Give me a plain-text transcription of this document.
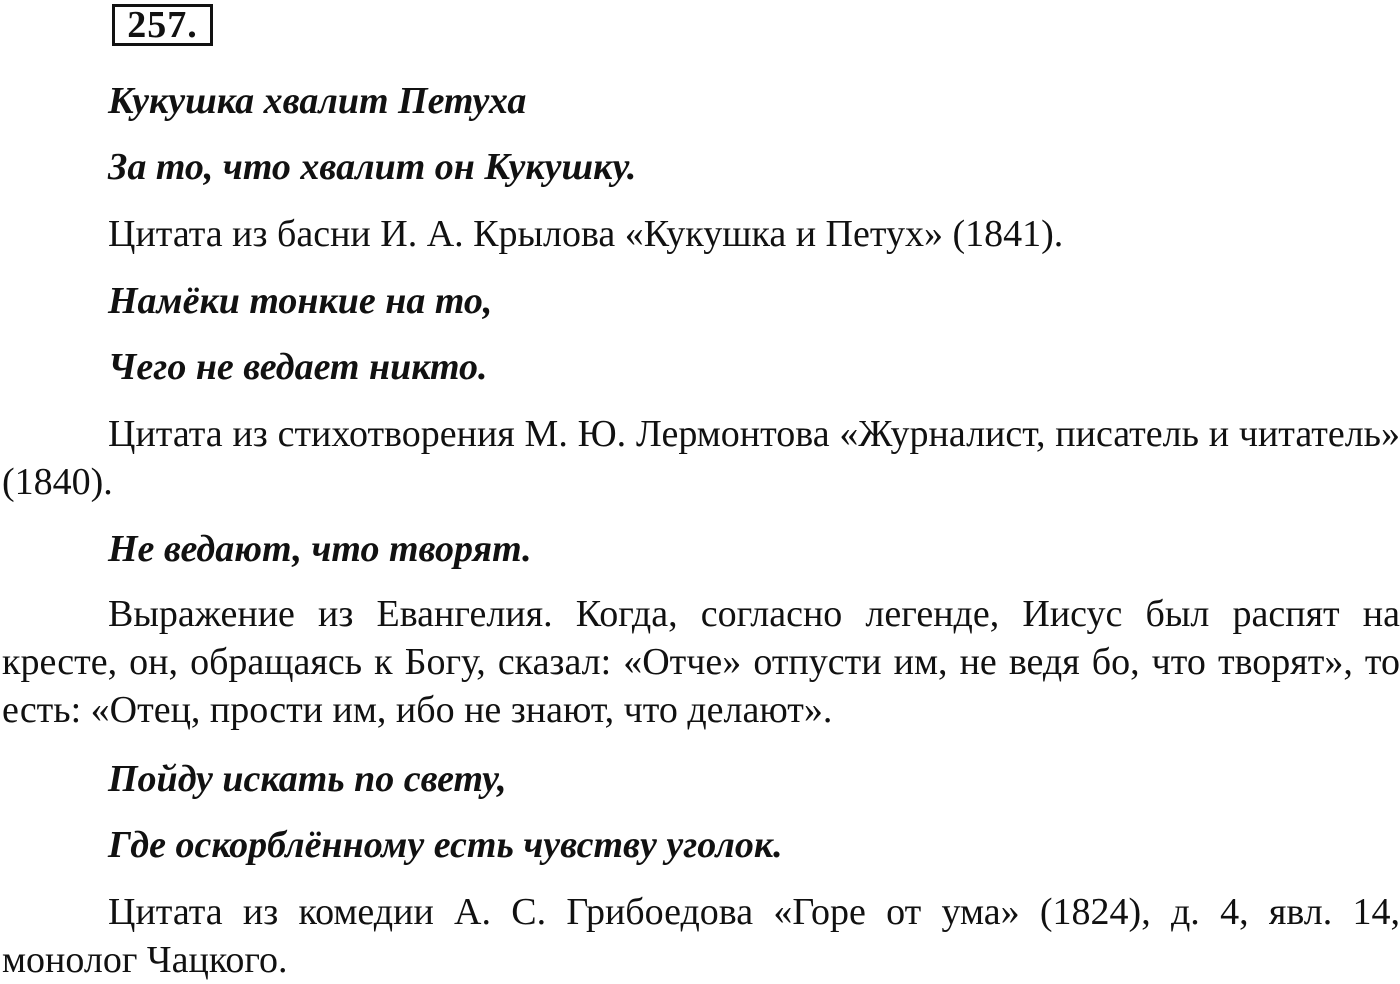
257.
Кукушка хвалит Петуха
За то, что хвалит он Кукушку.
Цитата из басни И. А. Крылова «Кукушка и Петух» (1841).
Намёки тонкие на то,
Чего не ведает никто.
Цитата из стихотворения М. Ю. Лермонтова «Журналист, писатель и читатель» (1840).
Не ведают, что творят.
Выражение из Евангелия. Когда, согласно легенде, Иисус был распят на кресте, он, обращаясь к Богу, сказал: «Отче» отпусти им, не ведя бо, что творят», то есть: «Отец, прости им, ибо не знают, что делают».
Пойду искать по свету,
Где оскорблённому есть чувству уголок.
Цитата из комедии А. С. Грибоедова «Горе от ума» (1824), д. 4, явл. 14, монолог Чацкого.
